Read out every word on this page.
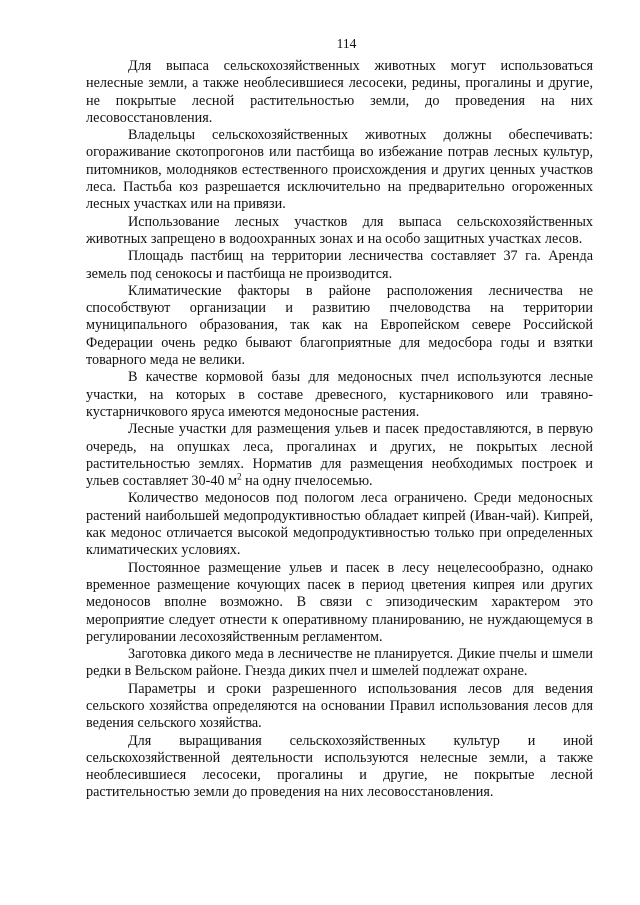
114

Для выпаса сельскохозяйственных животных могут использоваться нелесные земли, а также необлесившиеся лесосеки, редины, прогалины и другие, не покрытые лесной растительностью земли, до проведения на них лесовосстановления.

Владельцы сельскохозяйственных животных должны обеспечивать: огораживание скотопрогонов или пастбища во избежание потрав лесных культур, питомников, молодняков естественного происхождения и других ценных участков леса. Пастьба коз разрешается исключительно на предварительно огороженных лесных участках или на привязи.

Использование лесных участков для выпаса сельскохозяйственных животных запрещено в водоохранных зонах и на особо защитных участках лесов.

Площадь пастбищ на территории лесничества составляет 37 га. Аренда земель под сенокосы и пастбища не производится.

Климатические факторы в районе расположения лесничества не способствуют организации и развитию пчеловодства на территории муниципального образования, так как на Европейском севере Российской Федерации очень редко бывают благоприятные для медосбора годы и взятки товарного меда не велики.

В качестве кормовой базы для медоносных пчел используются лесные участки, на которых в составе древесного, кустарникового или травяно-кустарничкового яруса имеются медоносные растения.

Лесные участки для размещения ульев и пасек предоставляются, в первую очередь, на опушках леса, прогалинах и других, не покрытых лесной растительностью землях. Норматив для размещения необходимых построек и ульев составляет 30-40 $м^2$ на одну пчелосемью.

Количество медоносов под пологом леса ограничено. Среди медоносных растений наибольшей медопродуктивностью обладает кипрей (Иван-чай). Кипрей, как медонос отличается высокой медопродуктивностью только при определенных климатических условиях.

Постоянное размещение ульев и пасек в лесу нецелесообразно, однако временное размещение кочующих пасек в период цветения кипрея или других медоносов вполне возможно. В связи с эпизодическим характером это мероприятие следует отнести к оперативному планированию, не нуждающемуся в регулировании лесохозяйственным регламентом.

Заготовка дикого меда в лесничестве не планируется. Дикие пчелы и шмели редки в Вельском районе. Гнезда диких пчел и шмелей подлежат охране.

Параметры и сроки разрешенного использования лесов для ведения сельского хозяйства определяются на основании Правил использования лесов для ведения сельского хозяйства.

Для выращивания сельскохозяйственных культур и иной сельскохозяйственной деятельности используются нелесные земли, а также необлесившиеся лесосеки, прогалины и другие, не покрытые лесной растительностью земли до проведения на них лесовосстановления.
